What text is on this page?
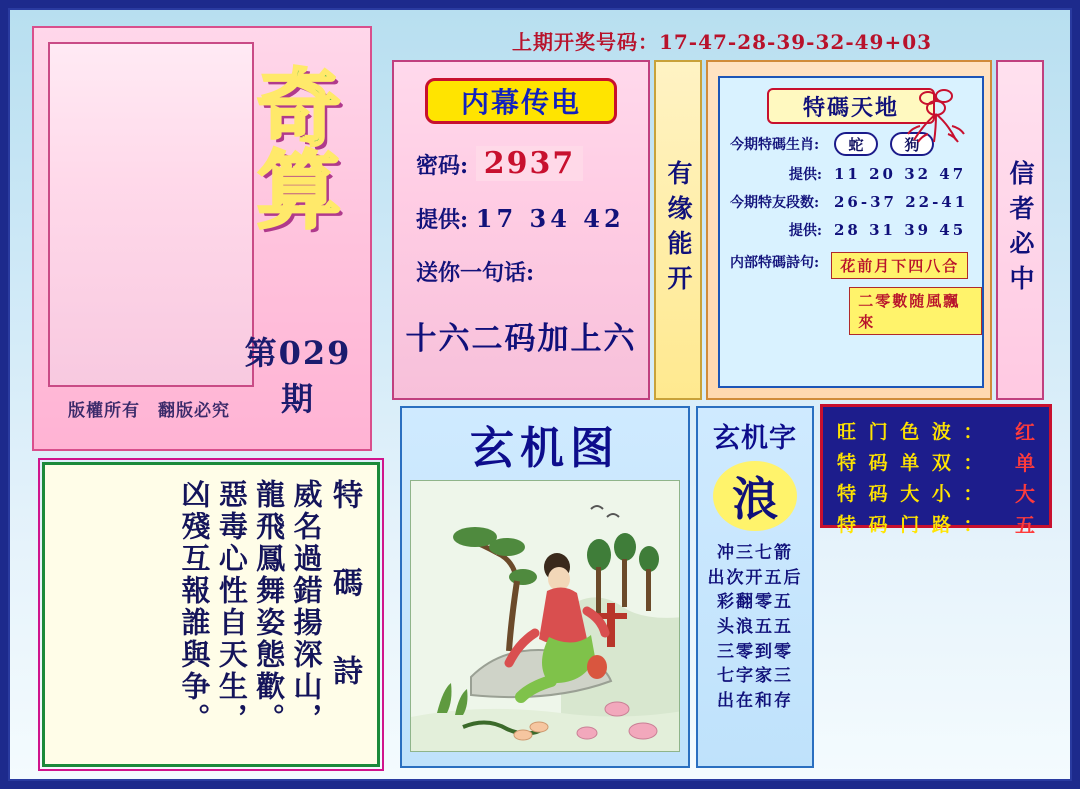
上期开奖号码：17-47-28-39-32-49+03
奇
算
第029期
版權所有　翻版必究
特　碼　詩
威名過錯揚深山，
龍飛鳳舞姿態歡。
惡毒心性自天生，
凶殘互報誰與争。
内幕传电
密码: 2937
提供: 17 34 42
送你一句话:
十六二码加上六
有缘能开	信者必中
特碼天地
今期特碼生肖:	蛇	狗
提供: 11 20 32 47
今期特友段数: 26-37 22-41
提供: 28 31 39 45
内部特碼詩句:	花前月下四八合
二零數随風飄來
玄机图	玄机字
浪
冲三七箭
出次开五后
彩翻零五
头浪五五
三零到零
七字家三
出在和存
旺 门 色 波 ： 红
特 码 单 双 ： 单
特 码 大 小 ： 大
特 码 门 路 ： 五
